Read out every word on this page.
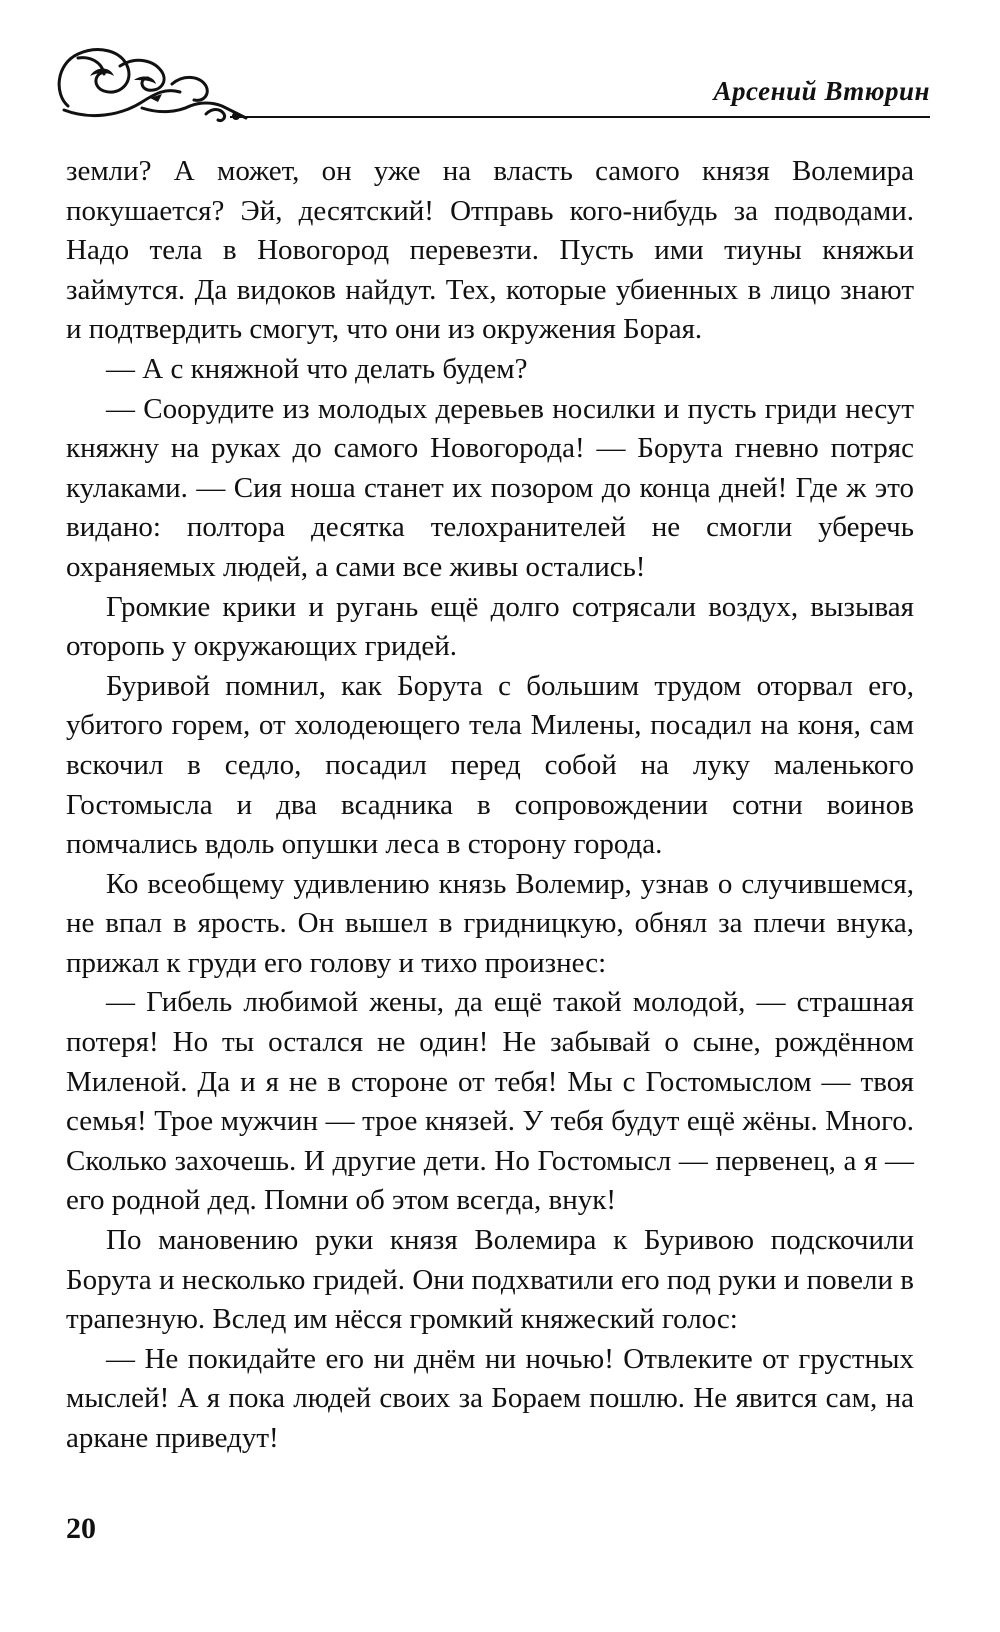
Арсений Втюрин

земли? А может, он уже на власть самого князя Волемира покушается? Эй, десятский! Отправь кого-нибудь за подводами. Надо тела в Новогород перевезти. Пусть ими тиуны княжьи займутся. Да видоков найдут. Тех, которые убиенных в лицо знают и подтвердить смогут, что они из окружения Борая.

— А с княжной что делать будем?

— Соорудите из молодых деревьев носилки и пусть гриди несут княжну на руках до самого Новогорода! — Борута гневно потряс кулаками. — Сия ноша станет их позором до конца дней! Где ж это видано: полтора десятка телохранителей не смогли уберечь охраняемых людей, а сами все живы остались!

Громкие крики и ругань ещё долго сотрясали воздух, вызывая оторопь у окружающих гридей.

Буривой помнил, как Борута с большим трудом оторвал его, убитого горем, от холодеющего тела Милены, посадил на коня, сам вскочил в седло, посадил перед собой на луку маленького Гостомысла и два всадника в сопровождении сотни воинов помчались вдоль опушки леса в сторону города.

Ко всеобщему удивлению князь Волемир, узнав о случившемся, не впал в ярость. Он вышел в гридницкую, обнял за плечи внука, прижал к груди его голову и тихо произнес:

— Гибель любимой жены, да ещё такой молодой, — страшная потеря! Но ты остался не один! Не забывай о сыне, рождённом Миленой. Да и я не в стороне от тебя! Мы с Гостомыслом — твоя семья! Трое мужчин — трое князей. У тебя будут ещё жёны. Много. Сколько захочешь. И другие дети. Но Гостомысл — первенец, а я — его родной дед. Помни об этом всегда, внук!

По мановению руки князя Волемира к Буривою подскочили Борута и несколько гридей. Они подхватили его под руки и повели в трапезную. Вслед им нёсся громкий княжеский голос:

— Не покидайте его ни днём ни ночью! Отвлеките от грустных мыслей! А я пока людей своих за Бораем пошлю. Не явится сам, на аркане приведут!

20
